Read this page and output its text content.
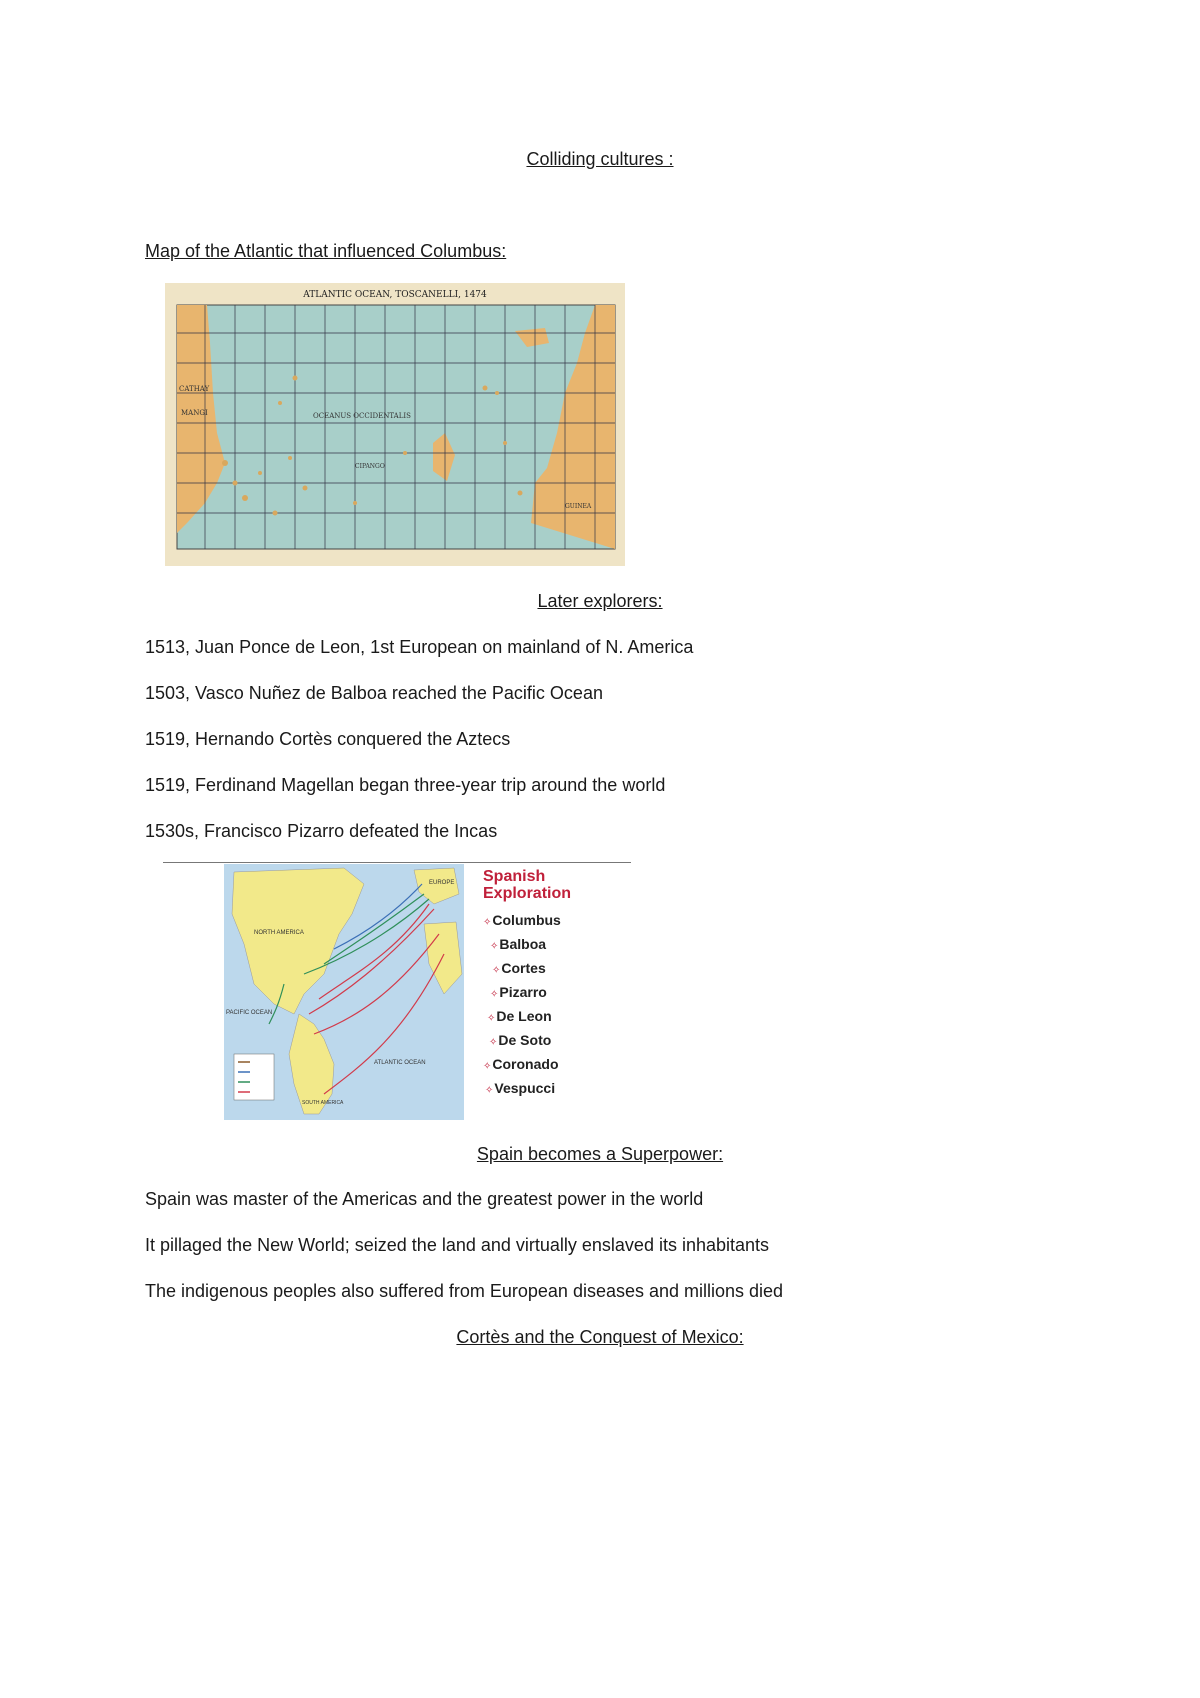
Colliding cultures :
Map of the Atlantic that influenced Columbus:
ATLANTIC OCEAN, TOSCANELLI, 1474
CATHAY
MANGI	OCEANUS OCCIDENTALIS
CIPANGO
GUINEA
Later explorers:
1513, Juan Ponce de Leon, 1st European on mainland of N. America
1503, Vasco Nuñez de Balboa reached the Pacific Ocean
1519, Hernando Cortès conquered the Aztecs
1519, Ferdinand Magellan began three-year trip around the world
1530s, Francisco Pizarro defeated the Incas
NORTH AMERICA
PACIFIC OCEAN
ATLANTIC OCEAN
SOUTH AMERICA
EUROPE Spanish
Exploration
✧Columbus
✧Balboa
✧Cortes
✧Pizarro
✧De Leon
✧De Soto
✧Coronado
✧Vespucci
Spain becomes a Superpower:
Spain was master of the Americas and the greatest power in the world
It pillaged the New World; seized the land and virtually enslaved its inhabitants
The indigenous peoples also suffered from European diseases and millions died
Cortès and the Conquest of Mexico:
